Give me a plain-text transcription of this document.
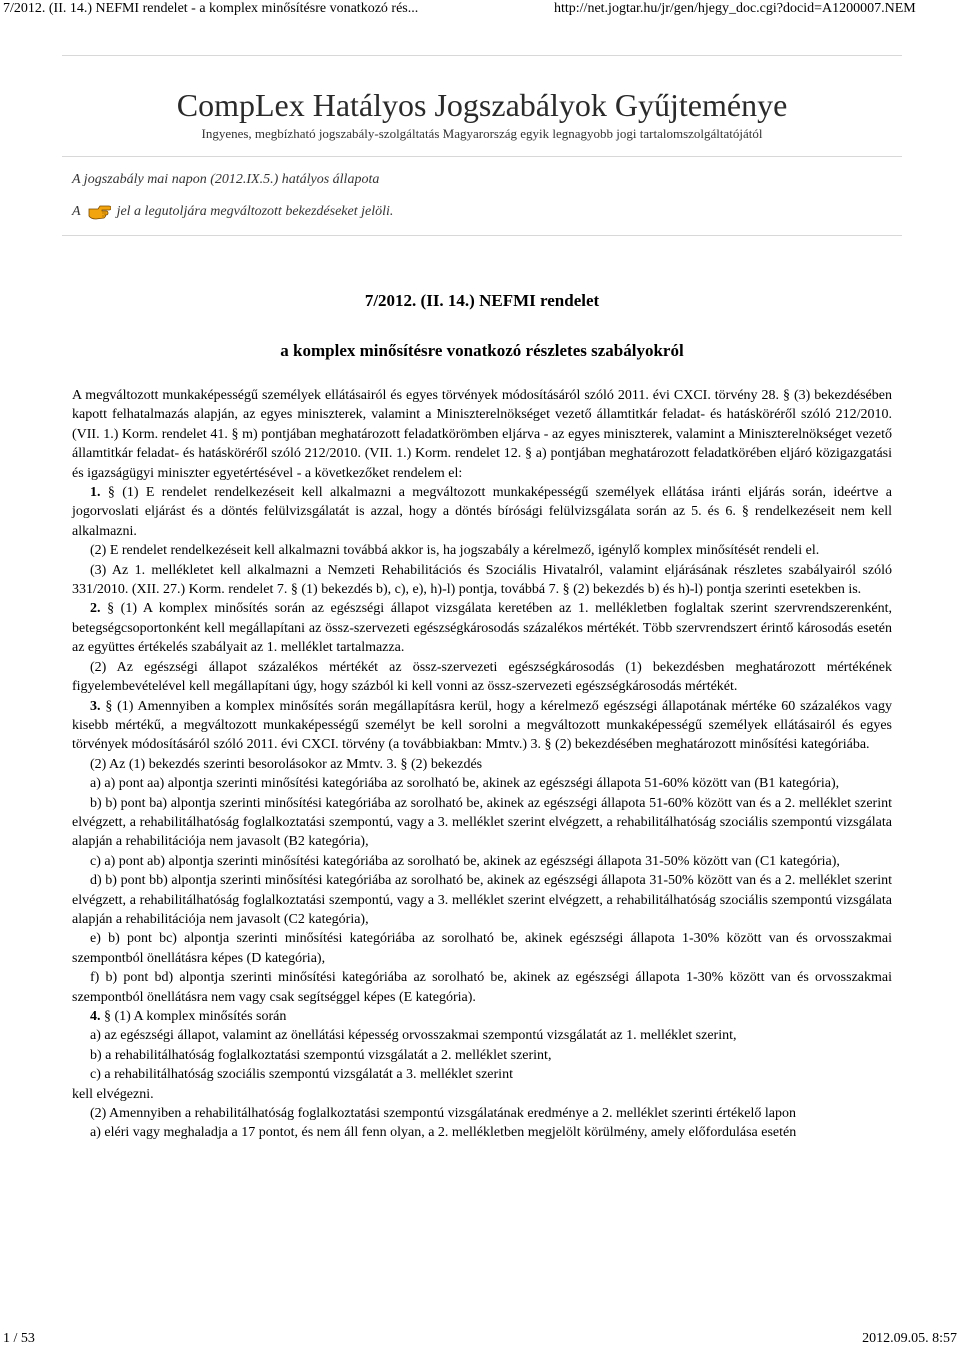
7/2012. (II. 14.) NEFMI rendelet - a komplex minősítésre vonatkozó rés...	http://net.jogtar.hu/jr/gen/hjegy_doc.cgi?docid=A1200007.NEM
CompLex Hatályos Jogszabályok Gyűjteménye
Ingyenes, megbízható jogszabály-szolgáltatás Magyarország egyik legnagyobb jogi tartalomszolgáltatójától
A jogszabály mai napon (2012.IX.5.) hatályos állapota
A	jel a legutoljára megváltozott bekezdéseket jelöli.
7/2012. (II. 14.) NEFMI rendelet
a komplex minősítésre vonatkozó részletes szabályokról

A megváltozott munkaképességű személyek ellátásairól és egyes törvények módosításáról szóló 2011. évi CXCI. törvény 28. § (3) bekezdésében kapott felhatalmazás alapján, az egyes miniszterek, valamint a Miniszterelnökséget vezető államtitkár feladat- és hatásköréről szóló 212/2010. (VII. 1.) Korm. rendelet 41. § m) pontjában meghatározott feladatkörömben eljárva - az egyes miniszterek, valamint a Miniszterelnökséget vezető államtitkár feladat- és hatásköréről szóló 212/2010. (VII. 1.) Korm. rendelet 12. § a) pontjában meghatározott feladatkörében eljáró közigazgatási és igazságügyi miniszter egyetértésével - a következőket rendelem el:

1. § (1) E rendelet rendelkezéseit kell alkalmazni a megváltozott munkaképességű személyek ellátása iránti eljárás során, ideértve a jogorvoslati eljárást és a döntés felülvizsgálatát is azzal, hogy a döntés bírósági felülvizsgálata során az 5. és 6. § rendelkezéseit nem kell alkalmazni.

(2) E rendelet rendelkezéseit kell alkalmazni továbbá akkor is, ha jogszabály a kérelmező, igénylő komplex minősítését rendeli el.

(3) Az 1. mellékletet kell alkalmazni a Nemzeti Rehabilitációs és Szociális Hivatalról, valamint eljárásának részletes szabályairól szóló 331/2010. (XII. 27.) Korm. rendelet 7. § (1) bekezdés b), c), e), h)-l) pontja, továbbá 7. § (2) bekezdés b) és h)-l) pontja szerinti esetekben is.

2. § (1) A komplex minősítés során az egészségi állapot vizsgálata keretében az 1. mellékletben foglaltak szerint szervrendszerenként, betegségcsoportonként kell megállapítani az össz-szervezeti egészségkárosodás százalékos mértékét. Több szervrendszert érintő károsodás esetén az együttes értékelés szabályait az 1. melléklet tartalmazza.

(2) Az egészségi állapot százalékos mértékét az össz-szervezeti egészségkárosodás (1) bekezdésben meghatározott mértékének figyelembevételével kell megállapítani úgy, hogy százból ki kell vonni az össz-szervezeti egészségkárosodás mértékét.

3. § (1) Amennyiben a komplex minősítés során megállapításra kerül, hogy a kérelmező egészségi állapotának mértéke 60 százalékos vagy kisebb mértékű, a megváltozott munkaképességű személyt be kell sorolni a megváltozott munkaképességű személyek ellátásairól és egyes törvények módosításáról szóló 2011. évi CXCI. törvény (a továbbiakban: Mmtv.) 3. § (2) bekezdésében meghatározott minősítési kategóriába.

(2) Az (1) bekezdés szerinti besorolásokor az Mmtv. 3. § (2) bekezdés

a) a) pont aa) alpontja szerinti minősítési kategóriába az sorolható be, akinek az egészségi állapota 51-60% között van (B1 kategória),

b) b) pont ba) alpontja szerinti minősítési kategóriába az sorolható be, akinek az egészségi állapota 51-60% között van és a 2. melléklet szerint elvégzett, a rehabilitálhatóság foglalkoztatási szempontú, vagy a 3. melléklet szerint elvégzett, a rehabilitálhatóság szociális szempontú vizsgálata alapján a rehabilitációja nem javasolt (B2 kategória),

c) a) pont ab) alpontja szerinti minősítési kategóriába az sorolható be, akinek az egészségi állapota 31-50% között van (C1 kategória),

d) b) pont bb) alpontja szerinti minősítési kategóriába az sorolható be, akinek az egészségi állapota 31-50% között van és a 2. melléklet szerint elvégzett, a rehabilitálhatóság foglalkoztatási szempontú, vagy a 3. melléklet szerint elvégzett, a rehabilitálhatóság szociális szempontú vizsgálata alapján a rehabilitációja nem javasolt (C2 kategória),

e) b) pont bc) alpontja szerinti minősítési kategóriába az sorolható be, akinek egészségi állapota 1-30% között van és orvosszakmai szempontból önellátásra képes (D kategória),

f) b) pont bd) alpontja szerinti minősítési kategóriába az sorolható be, akinek az egészségi állapota 1-30% között van és orvosszakmai szempontból önellátásra nem vagy csak segítséggel képes (E kategória).

4. § (1) A komplex minősítés során

a) az egészségi állapot, valamint az önellátási képesség orvosszakmai szempontú vizsgálatát az 1. melléklet szerint,

b) a rehabilitálhatóság foglalkoztatási szempontú vizsgálatát a 2. melléklet szerint,

c) a rehabilitálhatóság szociális szempontú vizsgálatát a 3. melléklet szerint

kell elvégezni.

(2) Amennyiben a rehabilitálhatóság foglalkoztatási szempontú vizsgálatának eredménye a 2. melléklet szerinti értékelő lapon

a) eléri vagy meghaladja a 17 pontot, és nem áll fenn olyan, a 2. mellékletben megjelölt körülmény, amely előfordulása esetén

1 / 53	2012.09.05. 8:57
